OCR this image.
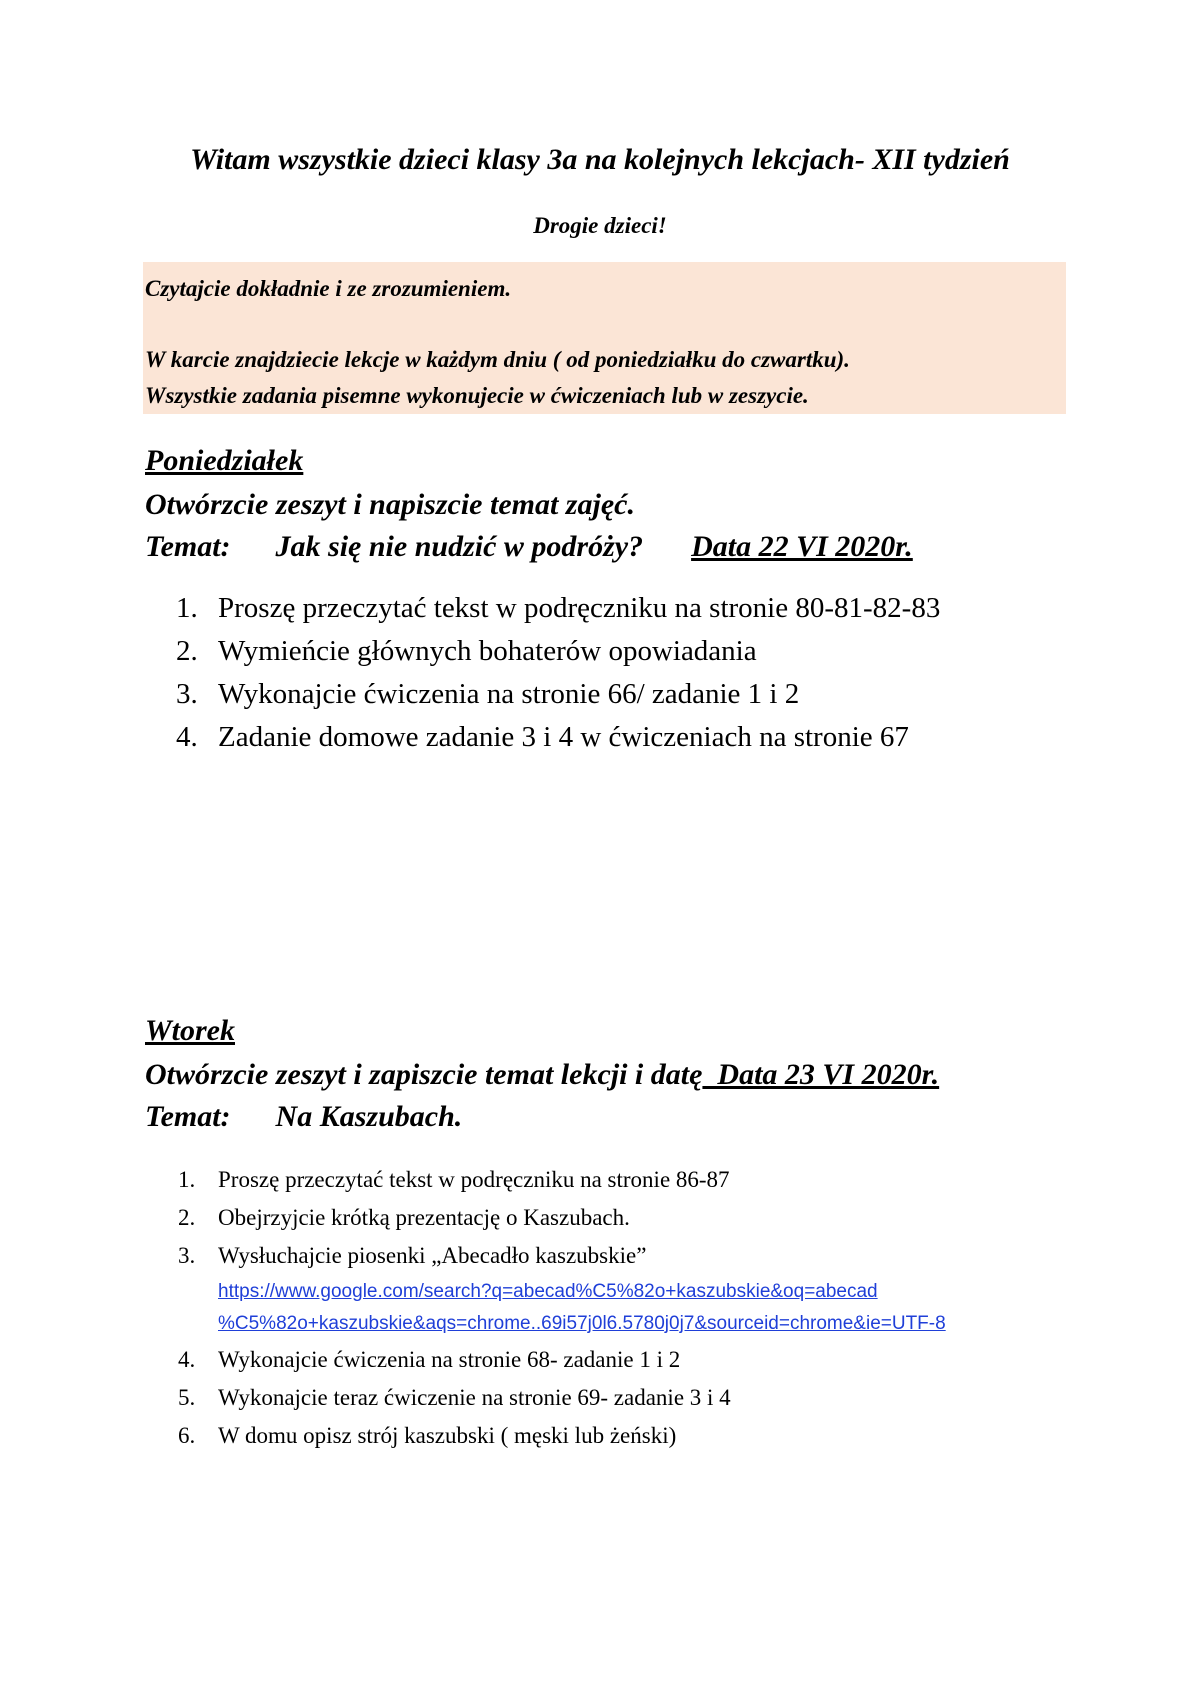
Witam wszystkie dzieci klasy 3a na kolejnych lekcjach- XII tydzień
Drogie dzieci!
Czytajcie dokładnie i ze zrozumieniem.
W karcie znajdziecie lekcje w każdym dniu ( od poniedziałku do czwartku).
Wszystkie zadania pisemne wykonujecie w ćwiczeniach lub w zeszycie.
Poniedziałek
Otwórzcie zeszyt i napiszcie temat zajęć.
Temat: Jak się nie nudzić w podróży? Data 22 VI 2020r.
1. Proszę przeczytać tekst w podręczniku na stronie 80-81-82-83
2. Wymieńcie głównych bohaterów opowiadania
3. Wykonajcie ćwiczenia na stronie 66/ zadanie 1 i 2
4. Zadanie domowe zadanie 3 i 4 w ćwiczeniach na stronie 67
Wtorek
Otwórzcie zeszyt i zapiszcie temat lekcji i datę  Data 23 VI 2020r.
Temat: Na Kaszubach.
1. Proszę przeczytać tekst w podręczniku na stronie 86-87
2. Obejrzyjcie krótką prezentację o Kaszubach.
3. Wysłuchajcie piosenki „Abecadło kaszubskie”
4. Wykonajcie ćwiczenia na stronie 68- zadanie 1 i 2
5. Wykonajcie teraz ćwiczenie na stronie 69- zadanie 3 i 4
6. W domu opisz strój kaszubski ( męski lub żeński)
https://www.google.com/search?q=abecad%C5%82o+kaszubskie&oq=abecad
%C5%82o+kaszubskie&aqs=chrome..69i57j0l6.5780j0j7&sourceid=chrome&ie=UTF-8
